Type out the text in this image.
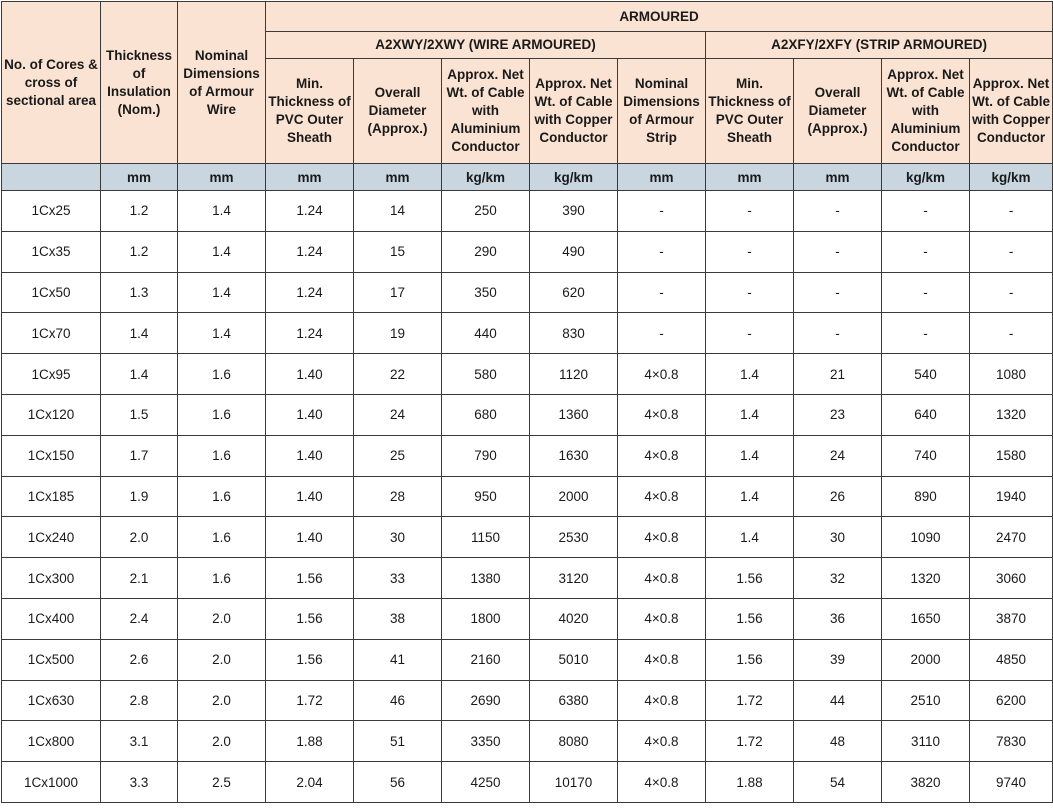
No. of Cores & cross of sectional area	Thickness of Insulation (Nom.)	Nominal Dimensions of Armour Wire	ARMOURED								
			A2XWY/2XWY (WIRE ARMOURED)					A2XFY/2XFY (STRIP ARMOURED)			
			Min. Thickness of PVC Outer Sheath	Overall Diameter (Approx.)	Approx. Net Wt. of Cable with Aluminium Conductor	Approx. Net Wt. of Cable with Copper Conductor	Nominal Dimensions of Armour Strip	Min. Thickness of PVC Outer Sheath	Overall Diameter (Approx.)	Approx. Net Wt. of Cable with Aluminium Conductor	Approx. Net Wt. of Cable with Copper Conductor
	mm	mm	mm	mm	kg/km	kg/km	mm	mm	mm	kg/km	kg/km
1Cx25	1.2	1.4	1.24	14	250	390	-	-	-	-	-
1Cx35	1.2	1.4	1.24	15	290	490	-	-	-	-	-
1Cx50	1.3	1.4	1.24	17	350	620	-	-	-	-	-
1Cx70	1.4	1.4	1.24	19	440	830	-	-	-	-	-
1Cx95	1.4	1.6	1.40	22	580	1120	4×0.8	1.4	21	540	1080
1Cx120	1.5	1.6	1.40	24	680	1360	4×0.8	1.4	23	640	1320
1Cx150	1.7	1.6	1.40	25	790	1630	4×0.8	1.4	24	740	1580
1Cx185	1.9	1.6	1.40	28	950	2000	4×0.8	1.4	26	890	1940
1Cx240	2.0	1.6	1.40	30	1150	2530	4×0.8	1.4	30	1090	2470
1Cx300	2.1	1.6	1.56	33	1380	3120	4×0.8	1.56	32	1320	3060
1Cx400	2.4	2.0	1.56	38	1800	4020	4×0.8	1.56	36	1650	3870
1Cx500	2.6	2.0	1.56	41	2160	5010	4×0.8	1.56	39	2000	4850
1Cx630	2.8	2.0	1.72	46	2690	6380	4×0.8	1.72	44	2510	6200
1Cx800	3.1	2.0	1.88	51	3350	8080	4×0.8	1.72	48	3110	7830
1Cx1000	3.3	2.5	2.04	56	4250	10170	4×0.8	1.88	54	3820	9740
